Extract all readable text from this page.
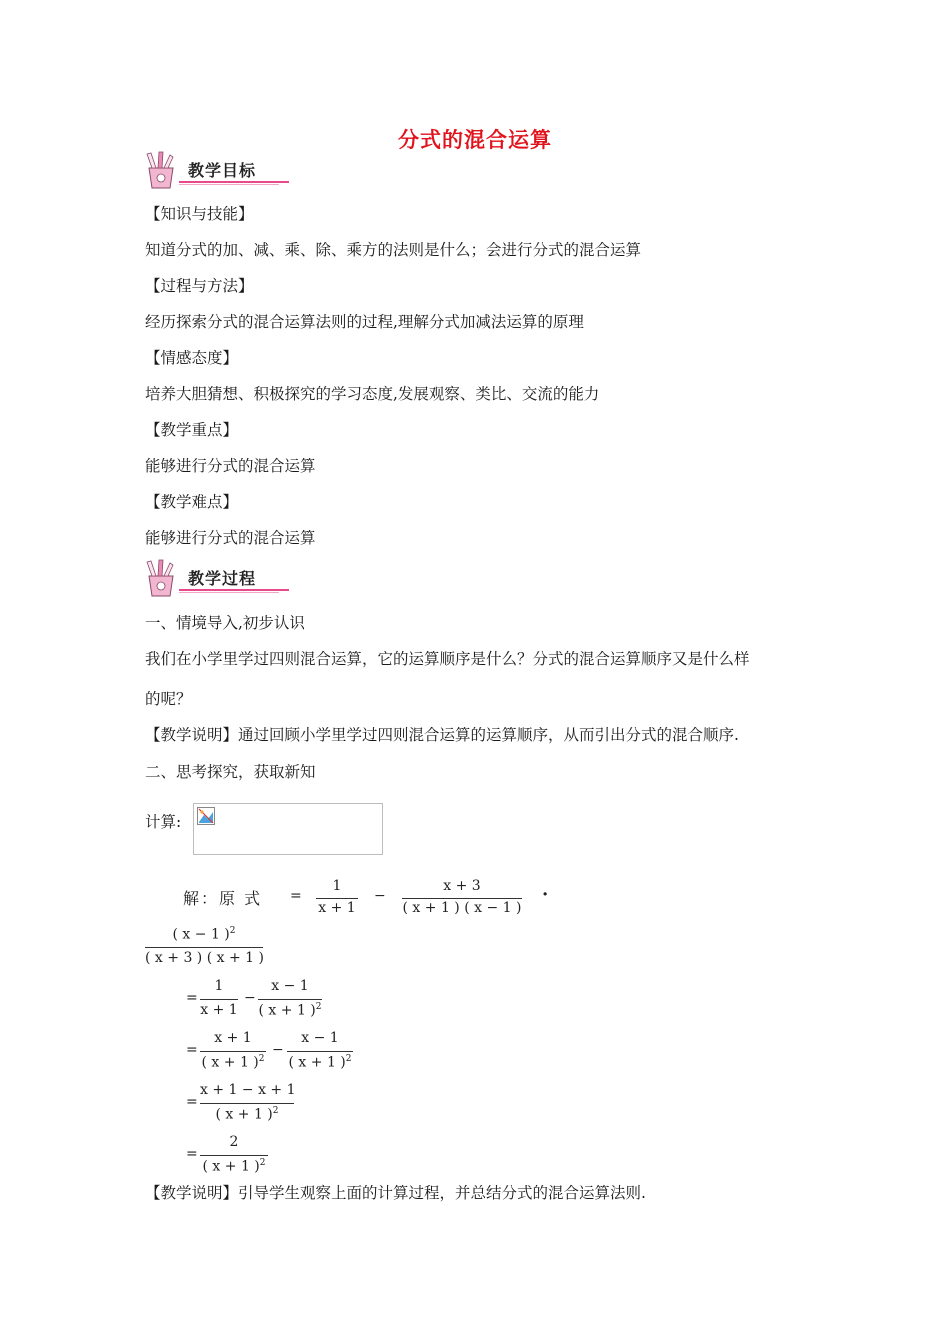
分式的混合运算
教学目标
【知识与技能】
知道分式的加、减、乘、除、乘方的法则是什么；会进行分式的混合运算
【过程与方法】
经历探索分式的混合运算法则的过程,理解分式加减法运算的原理
【情感态度】
培养大胆猜想、积极探究的学习态度,发展观察、类比、交流的能力
【教学重点】
能够进行分式的混合运算
【教学难点】
能够进行分式的混合运算
教学过程
一、情境导入,初步认识
我们在小学里学过四则混合运算，它的运算顺序是什么？分式的混合运算顺序又是什么样
的呢？
【教学说明】通过回顾小学里学过四则混合运算的运算顺序，从而引出分式的混合顺序.
二、思考探究，获取新知
计算:
解：原 式 =
1
x + 1
−
x + 3
( x + 1 ) ( x − 1 )
·
( x − 1 )$^2$
( x + 3 ) ( x + 1 )
=
1
x + 1
−
x − 1
( x + 1 )$^2$
=
x + 1
( x + 1 )$^2$
−
x − 1
( x + 1 )$^2$
=
x + 1 − x + 1
( x + 1 )$^2$
=
2
( x + 1 )$^2$
【教学说明】引导学生观察上面的计算过程，并总结分式的混合运算法则.
